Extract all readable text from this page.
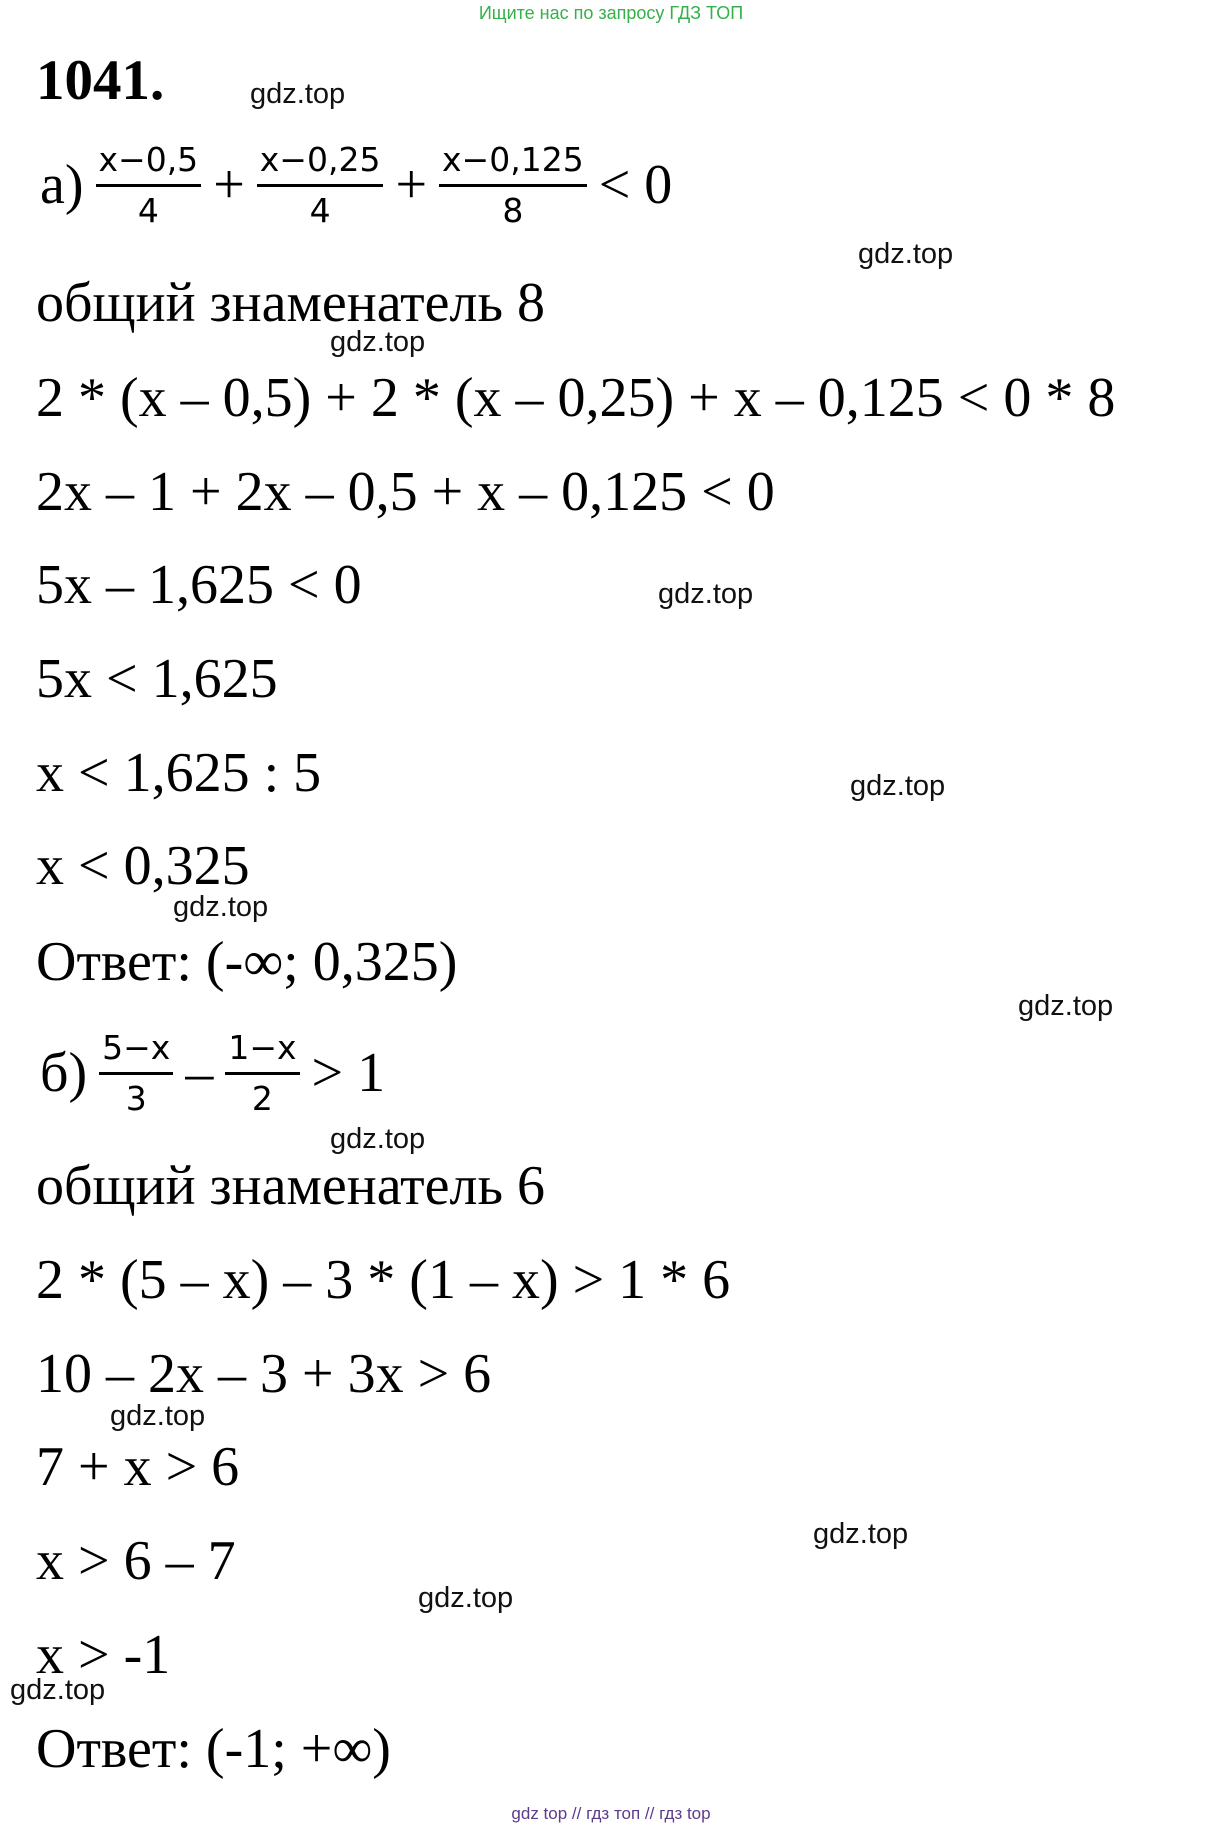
Ищите нас по запросу ГДЗ ТОП
1041.
$а) \frac{x-0,5}{4} + \frac{x-0,25}{4} + \frac{x-0,125}{8} < 0$
общий знаменатель 8
2 * (x – 0,5) + 2 * (x – 0,25) + x – 0,125 < 0 * 8
2x – 1 + 2x – 0,5 + x – 0,125 < 0
5x – 1,625 < 0
5x < 1,625
x < 1,625 : 5
x < 0,325
Ответ: (-∞; 0,325)
$б) \frac{5-x}{3} - \frac{1-x}{2} > 1$
общий знаменатель 6
2 * (5 – x) – 3 * (1 – x) > 1 * 6
10 – 2x – 3 + 3x > 6
7 + x > 6
x > 6 – 7
x > -1
Ответ: (-1; +∞)
gdz.top
gdz.top
gdz.top
gdz.top
gdz.top
gdz.top
gdz.top
gdz.top
gdz.top
gdz.top
gdz.top
gdz.top
gdz top // гдз топ // гдз top
